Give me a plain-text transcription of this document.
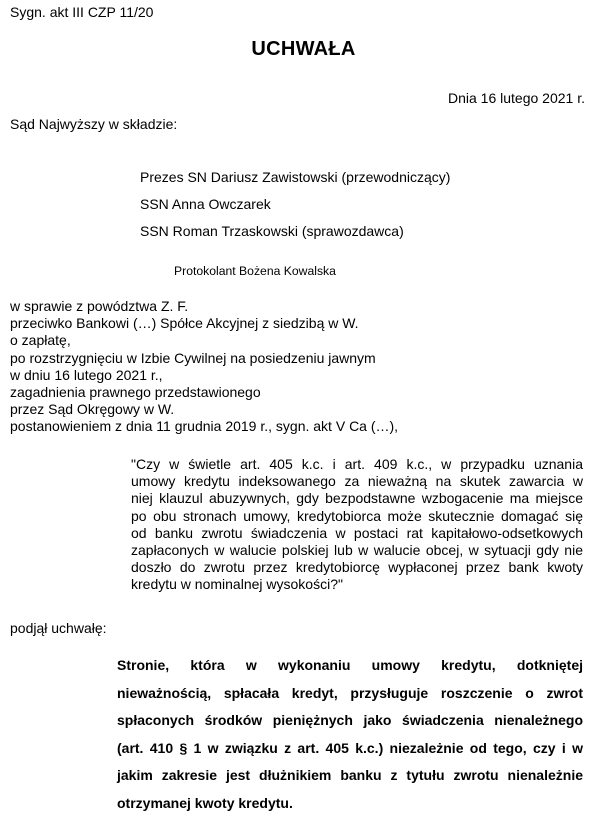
Sygn. akt III CZP 11/20
UCHWAŁA
Dnia 16 lutego 2021 r.
Sąd Najwyższy w składzie:
Prezes SN Dariusz Zawistowski (przewodniczący)
SSN Anna Owczarek
SSN Roman Trzaskowski (sprawozdawca)
Protokolant Bożena Kowalska
w sprawie z powództwa Z. F.
przeciwko Bankowi (…) Spółce Akcyjnej z siedzibą w W.
o zapłatę,
po rozstrzygnięciu w Izbie Cywilnej na posiedzeniu jawnym
w dniu 16 lutego 2021 r.,
zagadnienia prawnego przedstawionego
przez Sąd Okręgowy w W.
postanowieniem z dnia 11 grudnia 2019 r., sygn. akt V Ca (…),
"Czy w świetle art. 405 k.c. i art. 409 k.c., w przypadku uznania
umowy kredytu indeksowanego za nieważną na skutek zawarcia w
niej klauzul abuzywnych, gdy bezpodstawne wzbogacenie ma miejsce
po obu stronach umowy, kredytobiorca może skutecznie domagać się
od banku zwrotu świadczenia w postaci rat kapitałowo-odsetkowych
zapłaconych w walucie polskiej lub w walucie obcej, w sytuacji gdy nie
doszło do zwrotu przez kredytobiorcę wypłaconej przez bank kwoty
kredytu w nominalnej wysokości?"
podjął uchwałę:
Stronie, która w wykonaniu umowy kredytu, dotkniętej
nieważnością, spłacała kredyt, przysługuje roszczenie o zwrot
spłaconych środków pieniężnych jako świadczenia nienależnego
(art. 410 § 1 w związku z art. 405 k.c.) niezależnie od tego, czy i w
jakim zakresie jest dłużnikiem banku z tytułu zwrotu nienależnie
otrzymanej kwoty kredytu.
